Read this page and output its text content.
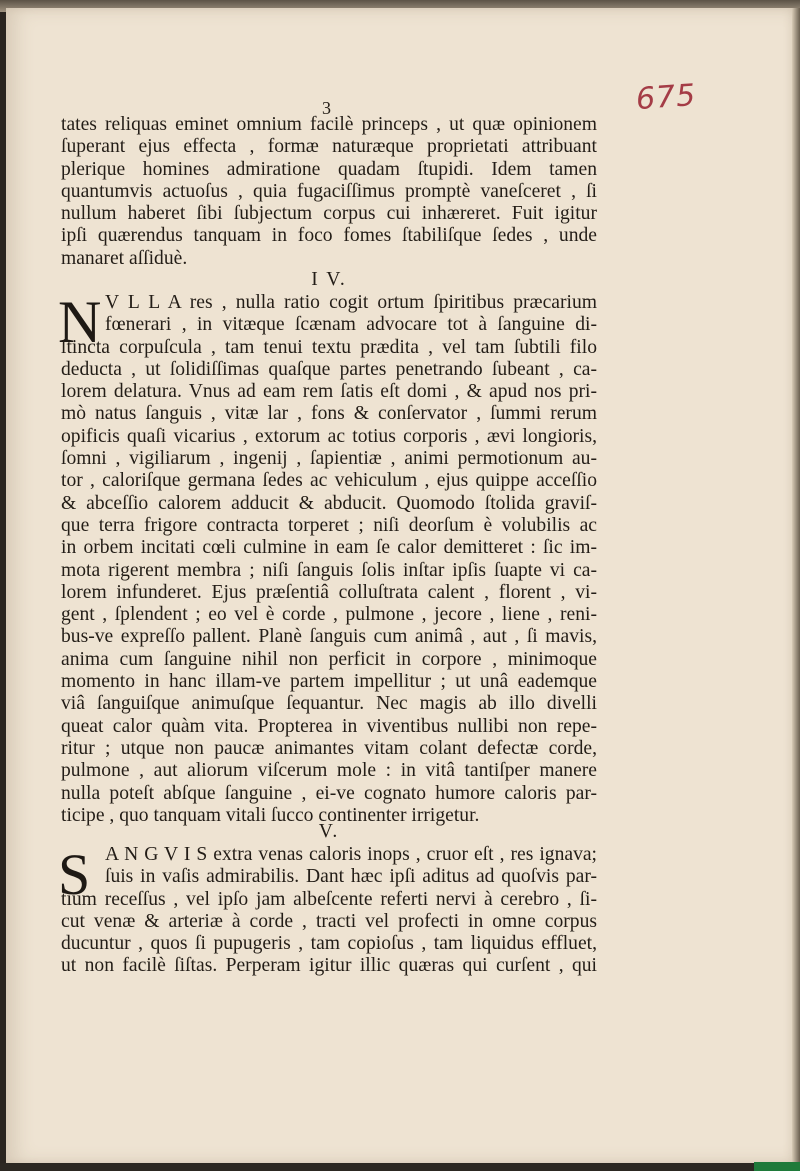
675
3
tates reliquas eminet omnium facilè princeps , ut quæ opinionem
ſuperant ejus effecta , formæ naturæque proprietati attribuant
plerique homines admiratione quadam ſtupidi. Idem tamen
quantumvis actuoſus , quia fugaciſſimus promptè vaneſceret , ſi
nullum haberet ſibi ſubjectum corpus cui inhæreret. Fuit igitur
ipſi quærendus tanquam in foco fomes ſtabiliſque ſedes , unde
manaret aſſiduè.
I V.
N V L L A res , nulla ratio cogit ortum ſpiritibus præcarium
fœnerari , in vitæque ſcænam advocare tot à ſanguine di-
ſtincta corpuſcula , tam tenui textu prædita , vel tam ſubtili filo
deducta , ut ſolidiſſimas quaſque partes penetrando ſubeant , ca-
lorem delatura. Vnus ad eam rem ſatis eſt domi , & apud nos pri-
mò natus ſanguis , vitæ lar , fons & conſervator , ſummi rerum
opificis quaſi vicarius , extorum ac totius corporis , ævi longioris,
ſomni , vigiliarum , ingenij , ſapientiæ , animi permotionum au-
tor , caloriſque germana ſedes ac vehiculum , ejus quippe acceſſio
& abceſſio calorem adducit & abducit. Quomodo ſtolida graviſ-
que terra frigore contracta torperet ; niſi deorſum è volubilis ac
in orbem incitati cœli culmine in eam ſe calor demitteret : ſic im-
mota rigerent membra ; niſi ſanguis ſolis inſtar ipſis ſuapte vi ca-
lorem infunderet. Ejus præſentiâ colluſtrata calent , florent , vi-
gent , ſplendent ; eo vel è corde , pulmone , jecore , liene , reni-
bus-ve expreſſo pallent. Planè ſanguis cum animâ , aut , ſi mavis,
anima cum ſanguine nihil non perficit in corpore , minimoque
momento in hanc illam-ve partem impellitur ; ut unâ eademque
viâ ſanguiſque animuſque ſequantur. Nec magis ab illo divelli
queat calor quàm vita. Propterea in viventibus nullibi non repe-
ritur ; utque non paucæ animantes vitam colant defectæ corde,
pulmone , aut aliorum viſcerum mole : in vitâ tantiſper manere
nulla poteſt abſque ſanguine , ei-ve cognato humore caloris par-
ticipe , quo tanquam vitali ſucco continenter irrigetur.
V.
S A N G V I S extra venas caloris inops , cruor eſt , res ignava;
ſuis in vaſis admirabilis. Dant hæc ipſi aditus ad quoſvis par-
tium receſſus , vel ipſo jam albeſcente referti nervi à cerebro , ſi-
cut venæ & arteriæ à corde , tracti vel profecti in omne corpus
ducuntur , quos ſi pupugeris , tam copioſus , tam liquidus effluet,
ut non facilè ſiſtas. Perperam igitur illic quæras qui curſent , qui
